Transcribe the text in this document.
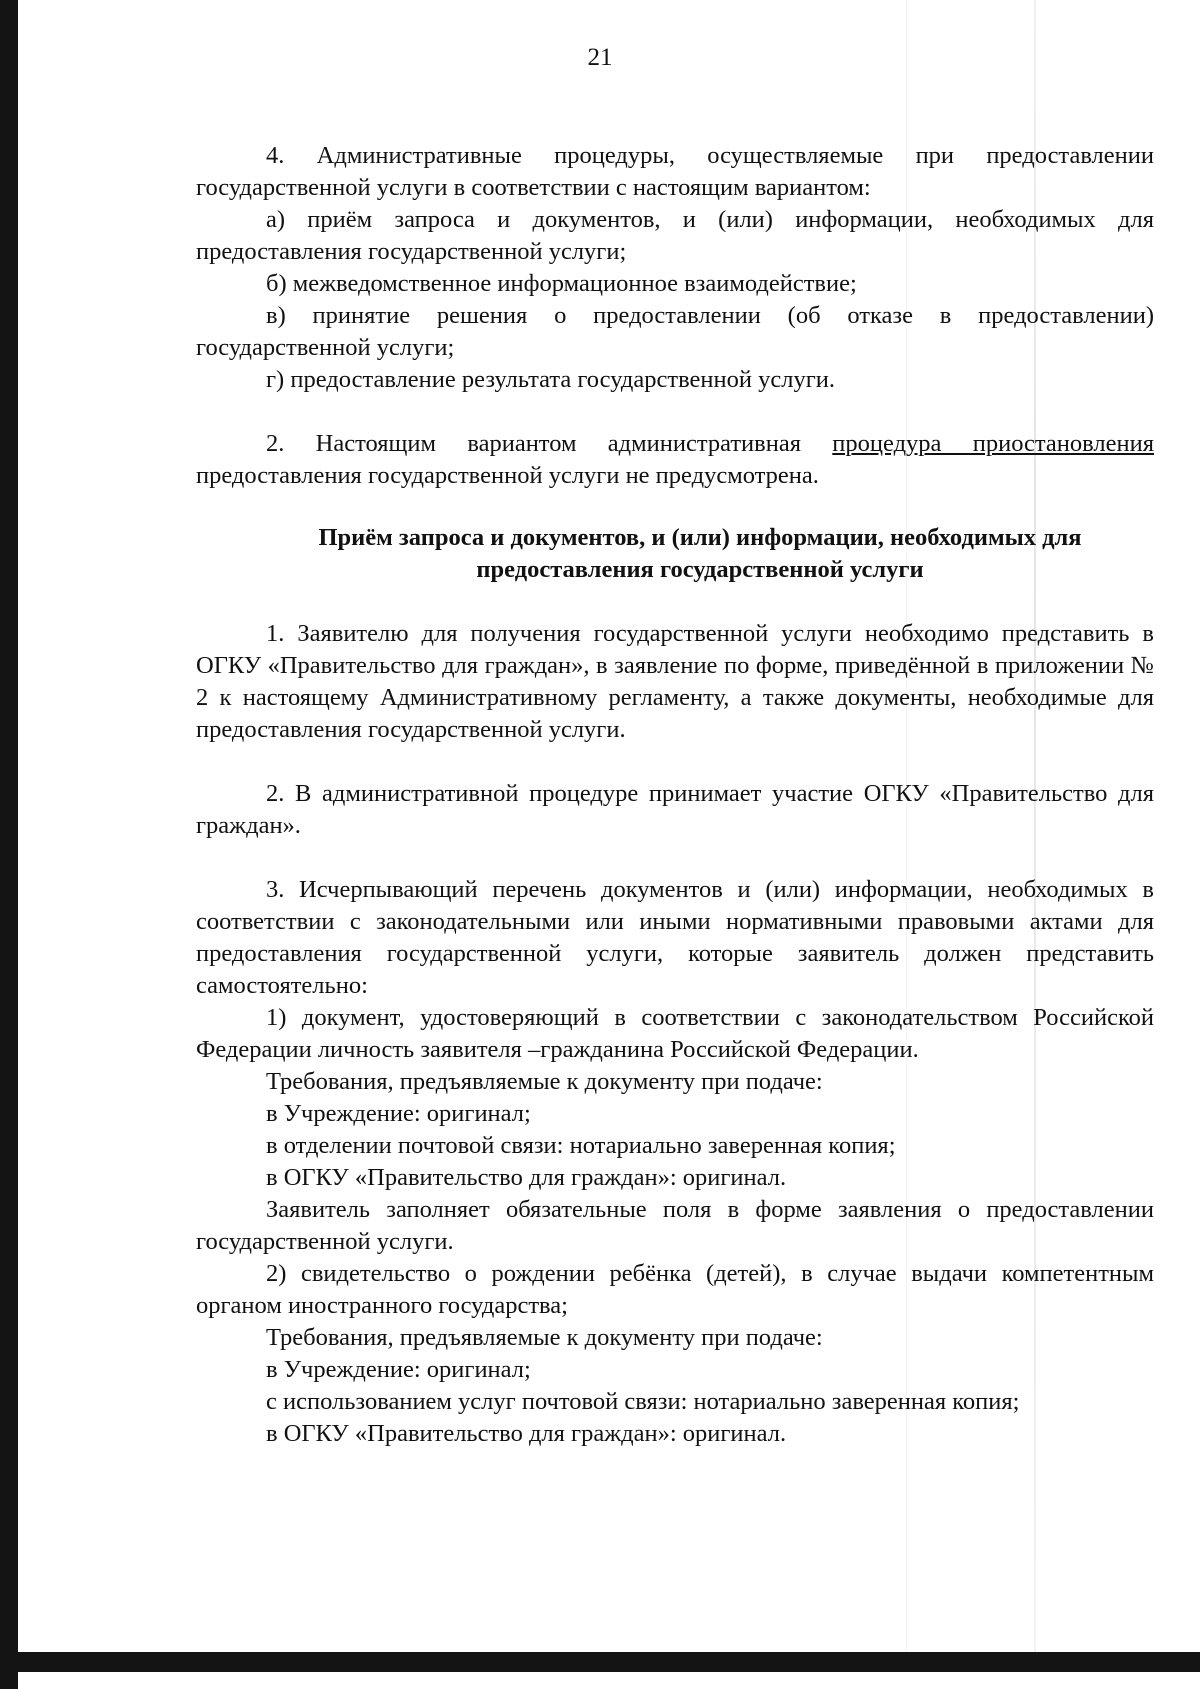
21
4. Административные процедуры, осуществляемые при предоставлении государственной услуги в соответствии с настоящим вариантом:
а) приём запроса и документов, и (или) информации, необходимых для предоставления государственной услуги;
б) межведомственное информационное взаимодействие;
в) принятие решения о предоставлении (об отказе в предоставлении) государственной услуги;
г) предоставление результата государственной услуги.
2. Настоящим вариантом административная процедура приостановления предоставления государственной услуги не предусмотрена.
Приём запроса и документов, и (или) информации, необходимых для предоставления государственной услуги
1. Заявителю для получения государственной услуги необходимо представить в ОГКУ «Правительство для граждан», в заявление по форме, приведённой в приложении № 2 к настоящему Административному регламенту, а также документы, необходимые для предоставления государственной услуги.
2. В административной процедуре принимает участие ОГКУ «Правительство для граждан».
3. Исчерпывающий перечень документов и (или) информации, необходимых в соответствии с законодательными или иными нормативными правовыми актами для предоставления государственной услуги, которые заявитель должен представить самостоятельно:
1) документ, удостоверяющий в соответствии с законодательством Российской Федерации личность заявителя –гражданина Российской Федерации.
Требования, предъявляемые к документу при подаче:
в Учреждение: оригинал;
в отделении почтовой связи: нотариально заверенная копия;
в ОГКУ «Правительство для граждан»: оригинал.
Заявитель заполняет обязательные поля в форме заявления о предоставлении государственной услуги.
2) свидетельство о рождении ребёнка (детей), в случае выдачи компетентным органом иностранного государства;
Требования, предъявляемые к документу при подаче:
в Учреждение: оригинал;
с использованием услуг почтовой связи: нотариально заверенная копия;
в ОГКУ «Правительство для граждан»: оригинал.
